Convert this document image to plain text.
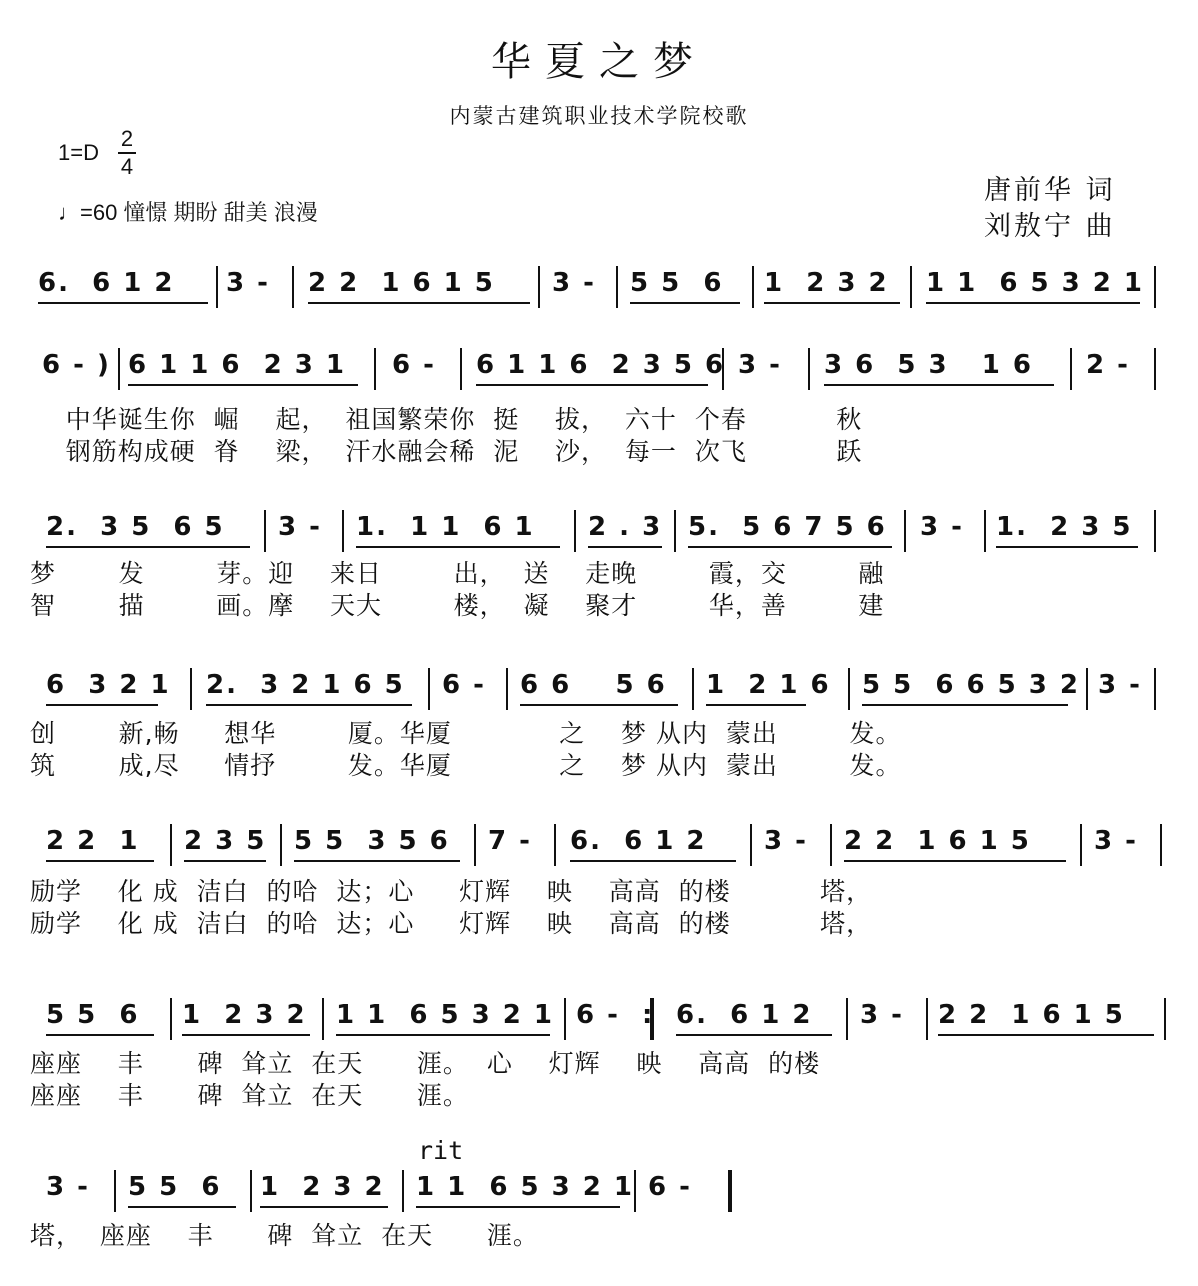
华夏之梦
内蒙古建筑职业技术学院校歌
1=D
2
4
♩=60 憧憬 期盼 甜美 浪漫
唐前华 词
刘敖宁 曲
rit
6.  6 1 2 3 - 2 2  1 6 1 5 3 - 5 5  6 1  2 3 2 1 1  6 5 3 2 1
6 - ) 6 1 1 6  2 3 1 6 - 6 1 1 6  2 3 5 6 3 - 3 6  5 3   1 6 2 -
中华诞生你  崛    起，  祖国繁荣你  挺    拔，  六十  个春          秋
钢筋构成硬  脊    梁，  汗水融会稀  泥    沙，  每一  次飞          跃
2.  3 5  6 5 3 - 1.  1 1  6 1 2 . 3 5.  5 6 7 5 6 3 - 1.  2 3 5
梦       发        芽。迎    来日        出，  送    走晚        霞，交        融
智       描        画。摩    天大        楼，  凝    聚才        华，善        建
6  3 2 1 2.  3 2 1 6 5 6 - 6 6    5 6 1  2 1 6 5 5  6 6 5 3 2 3 -
创       新,畅     想华        厦。华厦            之    梦 从内  蒙出        发。
筑       成,尽     情抒        发。华厦            之    梦 从内  蒙出        发。
2 2  1 2 3 5 5 5  3 5 6 7 - 6.  6 1 2 3 - 2 2  1 6 1 5 3 -
励学    化 成  洁白  的哈  达；心     灯辉    映    高高  的楼          塔，
励学    化 成  洁白  的哈  达；心     灯辉    映    高高  的楼          塔，
5 5  6 1  2 3 2 1 1  6 5 3 2 1 6 -  : 6.  6 1 2 3 - 2 2  1 6 1 5
座座    丰      碑  耸立  在天      涯。  心    灯辉    映    高高  的楼
座座    丰      碑  耸立  在天      涯。
3 - 5 5  6 1  2 3 2 1 1  6 5 3 2 1 6 -
塔，  座座    丰      碑  耸立  在天      涯。
